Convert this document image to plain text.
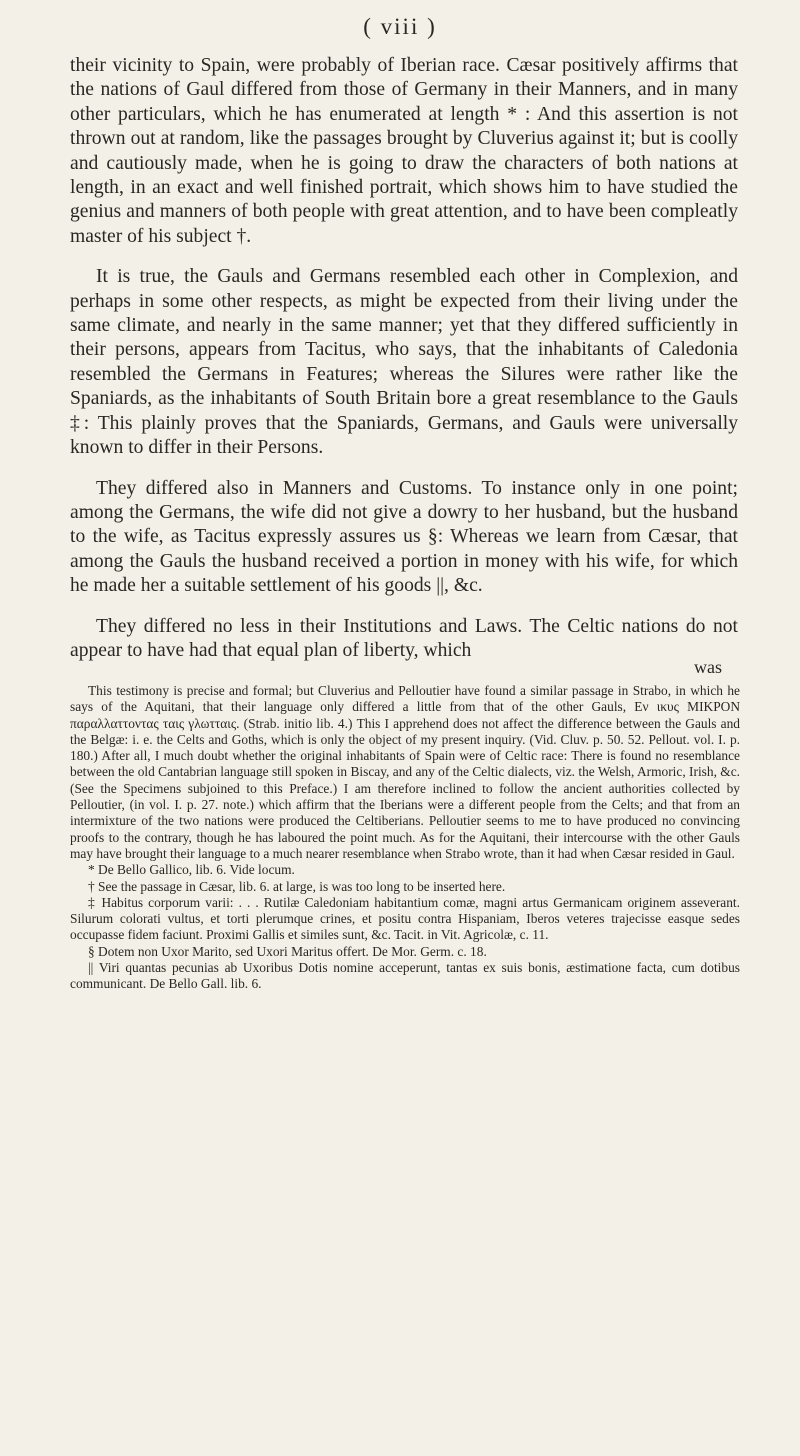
( viii )

their vicinity to Spain, were probably of Iberian race. Cæsar positively affirms that the nations of Gaul differed from those of Germany in their Manners, and in many other particulars, which he has enumerated at length * : And this assertion is not thrown out at random, like the passages brought by Cluverius against it; but is coolly and cautiously made, when he is going to draw the characters of both nations at length, in an exact and well finished portrait, which shows him to have studied the genius and manners of both people with great attention, and to have been compleatly master of his subject †.

It is true, the Gauls and Germans resembled each other in Complexion, and perhaps in some other respects, as might be expected from their living under the same climate, and nearly in the same manner; yet that they differed sufficiently in their persons, appears from Tacitus, who says, that the inhabitants of Caledonia resembled the Germans in Features; whereas the Silures were rather like the Spaniards, as the inhabitants of South Britain bore a great resemblance to the Gauls ‡: This plainly proves that the Spaniards, Germans, and Gauls were universally known to differ in their Persons.

They differed also in Manners and Customs. To instance only in one point; among the Germans, the wife did not give a dowry to her husband, but the husband to the wife, as Tacitus expressly assures us §: Whereas we learn from Cæsar, that among the Gauls the husband received a portion in money with his wife, for which he made her a suitable settlement of his goods ||, &c.

They differed no less in their Institutions and Laws. The Celtic nations do not appear to have had that equal plan of liberty, which

was

This testimony is precise and formal; but Cluverius and Pelloutier have found a similar passage in Strabo, in which he says of the Aquitani, that their language only differed a little from that of the other Gauls, Εν ικυς ΜΙΚΡΟΝ παραλλαττοντας ταις γλωτταις. (Strab. initio lib. 4.) This I apprehend does not affect the difference between the Gauls and the Belgæ: i. e. the Celts and Goths, which is only the object of my present inquiry. (Vid. Cluv. p. 50. 52. Pellout. vol. I. p. 180.) After all, I much doubt whether the original inhabitants of Spain were of Celtic race: There is found no resemblance between the old Cantabrian language still spoken in Biscay, and any of the Celtic dialects, viz. the Welsh, Armoric, Irish, &c. (See the Specimens subjoined to this Preface.) I am therefore inclined to follow the ancient authorities collected by Pelloutier, (in vol. I. p. 27. note.) which affirm that the Iberians were a different people from the Celts; and that from an intermixture of the two nations were produced the Celtiberians. Pelloutier seems to me to have produced no convincing proofs to the contrary, though he has laboured the point much. As for the Aquitani, their intercourse with the other Gauls may have brought their language to a much nearer resemblance when Strabo wrote, than it had when Cæsar resided in Gaul.

* De Bello Gallico, lib. 6. Vide locum.

† See the passage in Cæsar, lib. 6. at large, is was too long to be inserted here.

‡ Habitus corporum varii: . . . Rutilæ Caledoniam habitantium comæ, magni artus Germanicam originem asseverant. Silurum colorati vultus, et torti plerumque crines, et positu contra Hispaniam, Iberos veteres trajecisse easque sedes occupasse fidem faciunt. Proximi Gallis et similes sunt, &c. Tacit. in Vit. Agricolæ, c. 11.

§ Dotem non Uxor Marito, sed Uxori Maritus offert. De Mor. Germ. c. 18.

|| Viri quantas pecunias ab Uxoribus Dotis nomine acceperunt, tantas ex suis bonis, æstimatione facta, cum dotibus communicant. De Bello Gall. lib. 6.
